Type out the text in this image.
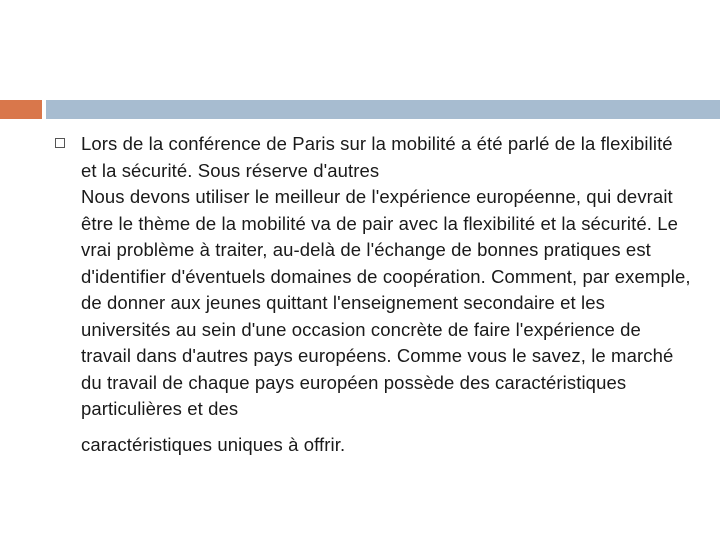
Lors de la conférence de Paris sur la mobilité a été parlé de la flexibilité et la sécurité. Sous réserve d'autres

Nous devons utiliser le meilleur de l'expérience européenne, qui devrait être le thème de la mobilité va de pair avec la flexibilité et la sécurité. Le vrai problème à traiter, au-delà de l'échange de bonnes pratiques est d'identifier d'éventuels domaines de coopération. Comment, par exemple, de donner aux jeunes quittant l'enseignement secondaire et les universités au sein d'une occasion concrète de faire l'expérience de travail dans d'autres pays européens. Comme vous le savez, le marché du travail de chaque pays européen possède des caractéristiques particulières et des

caractéristiques uniques à offrir.
